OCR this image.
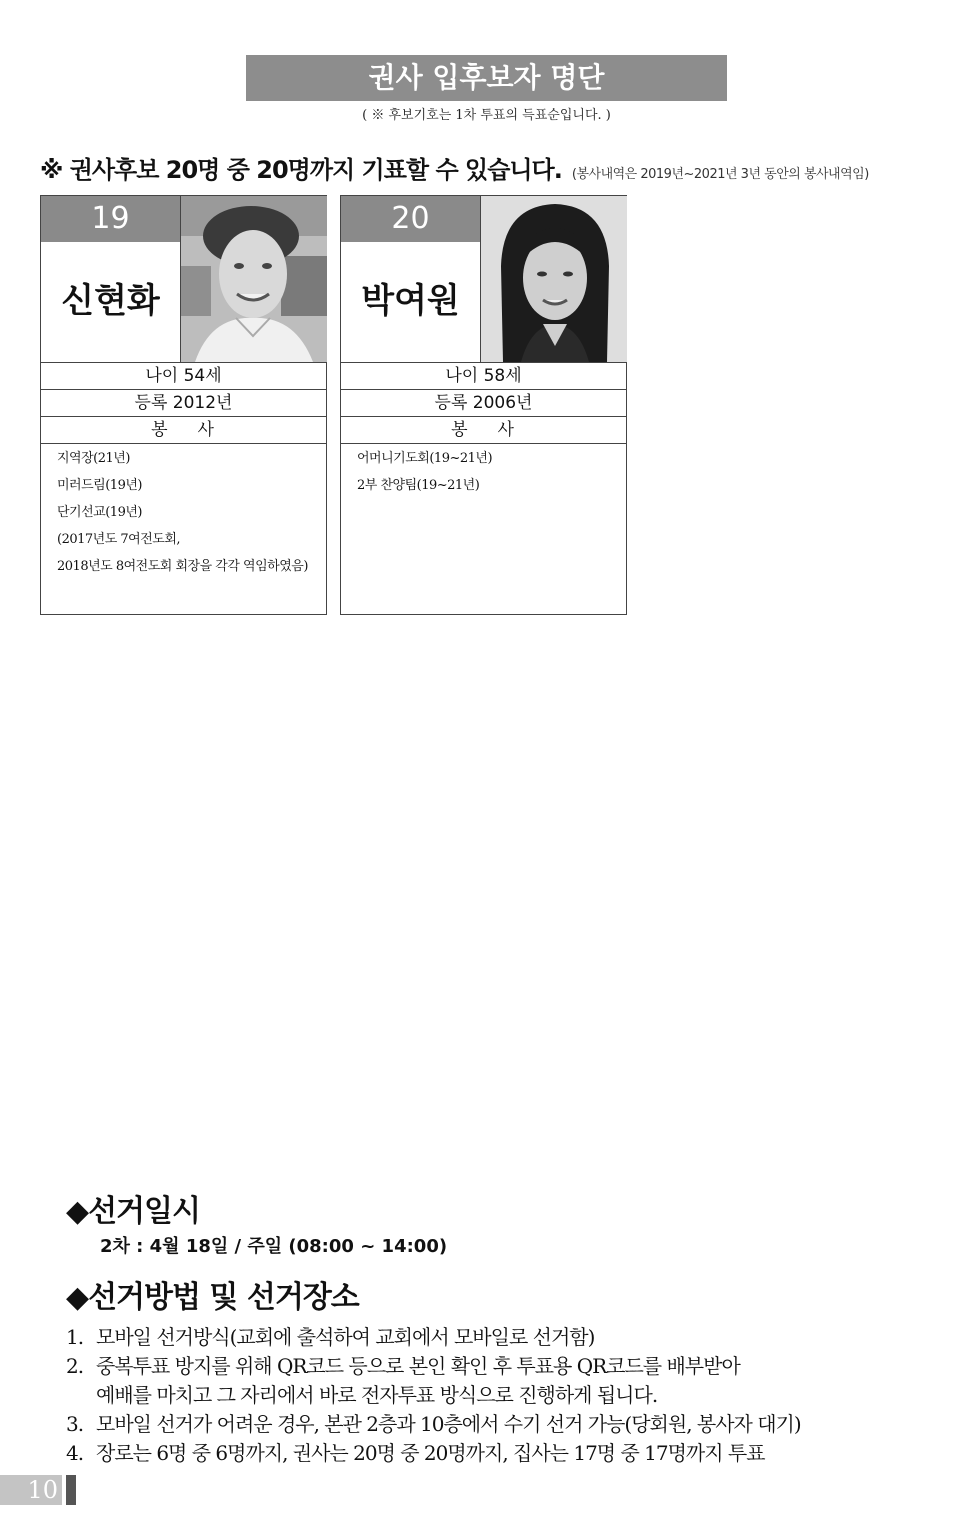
권사 입후보자 명단
( ※ 후보기호는 1차 투표의 득표순입니다. )
※ 권사후보 20명 중 20명까지 기표할 수 있습니다. (봉사내역은 2019년~2021년 3년 동안의 봉사내역임)
19
신현화
나이 54세
등록 2012년
봉 사
지역장(21년)
미러드림(19년)
단기선교(19년)
(2017년도 7여전도회,
2018년도 8여전도회 회장을 각각 역임하였음)
20
박여원
나이 58세
등록 2006년
봉 사
어머니기도회(19~21년)
2부 찬양팀(19~21년)
◆선거일시
2차 : 4월 18일 / 주일 (08:00 ~ 14:00)
◆선거방법 및 선거장소
1. 모바일 선거방식(교회에 출석하여 교회에서 모바일로 선거함)
2. 중복투표 방지를 위해 QR코드 등으로 본인 확인 후 투표용 QR코드를 배부받아
예배를 마치고 그 자리에서 바로 전자투표 방식으로 진행하게 됩니다.
3. 모바일 선거가 어려운 경우, 본관 2층과 10층에서 수기 선거 가능(당회원, 봉사자 대기)
4. 장로는 6명 중 6명까지, 권사는 20명 중 20명까지, 집사는 17명 중 17명까지 투표
10
